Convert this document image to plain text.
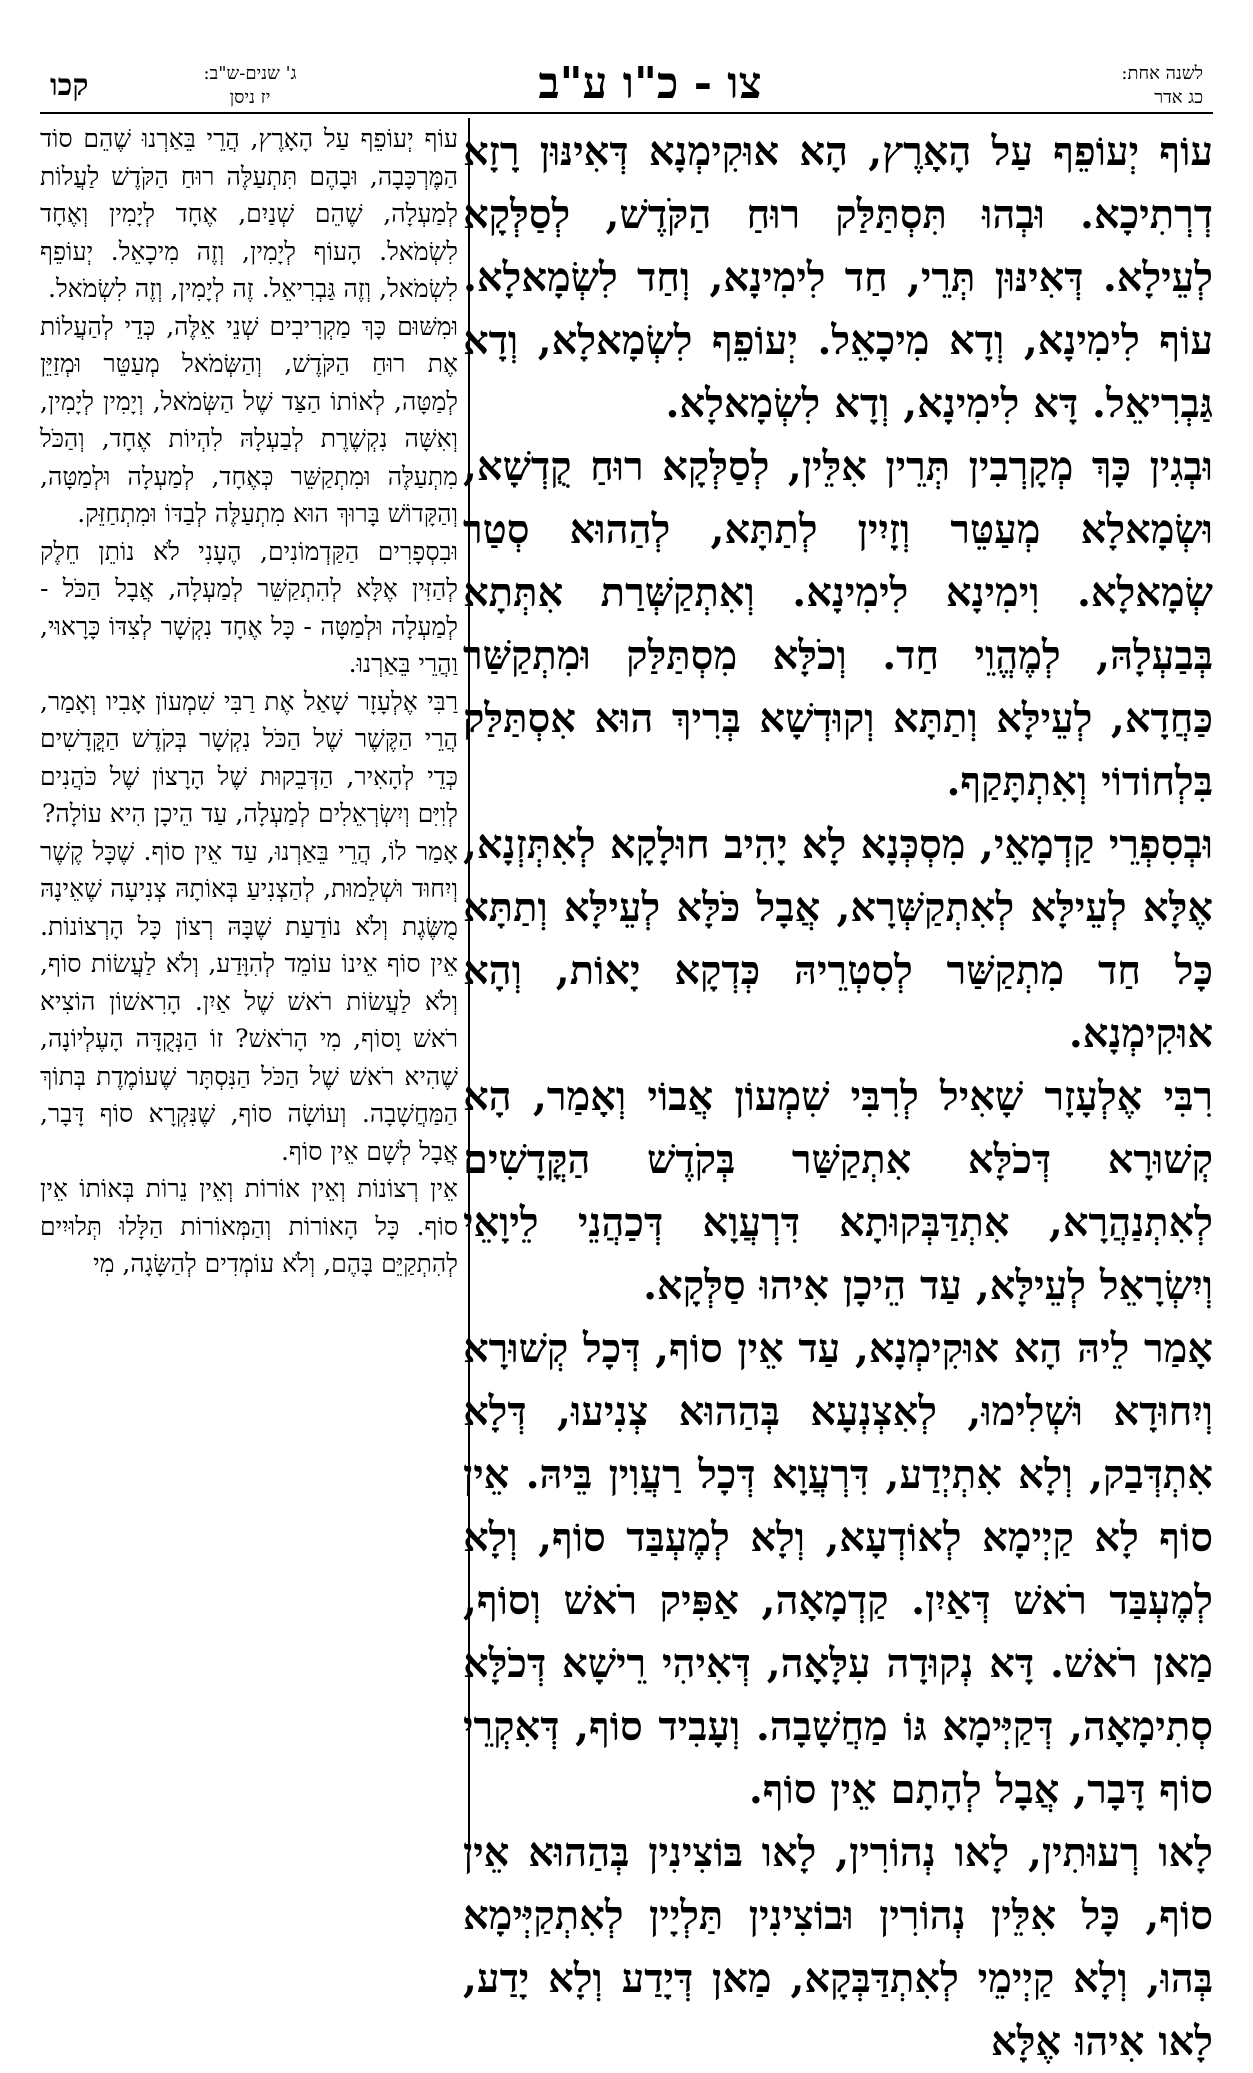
קכו	ג' שנים-ש"ב:
יז ניסן	צו - כ"ו ע"ב	לשנה אחת:
כג אדר

עוֹף יְעוֹפֵף עַל הָאָרֶץ, הָא אוּקִימְנָא דְּאִינּוּן רָזָא דְרְתִיכָא. וּבְהוּ תִּסְתַּלַּק רוּחַ הַקֹּדֶשׁ, לְסַלְּקָא לְעֵילָא. דְּאִינּוּן תְּרֵי, חַד לִימִינָא, וְחַד לִשְׂמָאלָא. עוֹף לִימִינָא, וְדָא מִיכָאֵל. יְעוֹפֵף לִשְׂמָאלָא, וְדָא גַּבְרִיאֵל. דָּא לִימִינָא, וְדָא לִשְׂמָאלָא.

וּבְגִין כָּךְ מְקָרְבִין תְּרֵין אִלֵּין, לְסַלְּקָא רוּחַ קֻדְשָׁא, וּשְׂמָאלָא מְעַטֵּר וְזָיִין לְתַתָּא, לְהַהוּא סְטַר שְׂמָאלָא. וִימִינָא לִימִינָא. וְאִתְקַשְּׁרַת אִתְּתָא בְּבַעְלָהּ, לְמֶהֱוֵי חַד. וְכֹלָּא מִסְתַּלַּק וּמִתְקַשַּׁר כַּחֲדָא, לְעֵילָּא וְתַתָּא וְקוּדְשָׁא בְּרִיךְ הוּא אִסְתַּלַּק בִּלְחוֹדוֹי וְאִתְתָּקַף.

וּבְסִפְרֵי קַדְמָאֵי, מִסְכְּנָא לָא יָהִיב חוּלָקָא לְאִתְּזְנָא, אֶלָּא לְעֵילָּא לְאִתְקַשְּׁרָא, אֲבָל כֹּלָּא לְעֵילָּא וְתַתָּא כָּל חַד מִתְקַשַּׁר לְסִטְרֵיהּ כְּדְקָא יָאוֹת, וְהָא אוּקִימְנָא.

רִבִּי אֶלְעָזָר שָׁאִיל לְרִבִּי שִׁמְעוֹן אֲבוֹי וְאָמַר, הָא קְשׁוּרָא דְּכֹלָּא אִתְקַשַּׁר בְּקֹדֶשׁ הַקֳּדָשִׁים לְאִתְנַהֲרָא, אִתְדַּבְּקוּתָא דִּרְעֲוָא דְּכַהֲנֵי לֵיוָאֵי וְיִשְׂרָאֵל לְעֵילָּא, עַד הֵיכָן אִיהוּ סַלְּקָא.

אָמַר לֵיהּ הָא אוּקִימְנָא, עַד אֵין סוֹף, דְּכָל קְשׁוּרָא וְיִחוּדָא וּשְׁלִימוּ, לְאִצְנְעָא בְּהַהוּא צְנִיעוּ, דְּלָא אִתְדְּבַק, וְלָא אִתְיְדַע, דִּרְעֲוָא דְּכָל רַעֲוִין בֵּיהּ. אֵין סוֹף לָא קַיְימָא לְאוֹדְעָא, וְלָא לְמֶעְבַּד סוֹף, וְלָא לְמֶעְבַּד רֹאשׁ דְּאַיִן. קַדְמָאָה, אַפִּיק רֹאשׁ וְסוֹף, מַאן רֹאשׁ. דָּא נְקוּדָה עִלָּאָה, דְּאִיהִי רֵישָׁא דְּכֹלָּא סְתִימָאָה, דְּקַיְּימָא גּוֹ מַחֲשָׁבָה. וְעָבִיד סוֹף, דְּאִקְרֵי סוֹף דָּבָר, אֲבָל לְהָתָם אֵין סוֹף.

לָאו רְעוּתִין, לָאו נְהוֹרִין, לָאו בּוֹצִינִין בְּהַהוּא אֵין סוֹף, כָּל אִלֵּין נְהוֹרִין וּבוֹצִינִין תַּלְיָין לְאִתְקַיְּימָא בְּהוּ, וְלָא קַיְימֵי לְאִתְדַּבְּקָא, מַאן דְּיָדַע וְלָא יָדַע, לָאו אִיהוּ אֶלָּא

עוֹף יְעוֹפֵף עַל הָאָרֶץ, הֲרֵי בֵּאַרְנוּ שֶׁהֵם סוֹד הַמֶּרְכָּבָה, וּבָהֶם תִּתְעַלֶּה רוּחַ הַקֹּדֶשׁ לַעֲלוֹת לְמַעְלָה, שֶׁהֵם שְׁנַיִם, אֶחָד לְיָמִין וְאֶחָד לִשְׂמֹאל. הָעוֹף לְיָמִין, וְזֶה מִיכָאֵל. יְעוֹפֵף לִשְׂמֹאל, וְזֶה גַּבְרִיאֵל. זֶה לְיָמִין, וְזֶה לִשְׂמֹאל.

וּמִשּׁוּם כָּךְ מַקְרִיבִים שְׁנֵי אֵלֶּה, כְּדֵי לְהַעֲלוֹת אֶת רוּחַ הַקֹּדֶשׁ, וְהַשְּׂמֹאל מְעַטֵּר וּמְזַיֵּן לְמַטָּה, לְאוֹתוֹ הַצַּד שֶׁל הַשְּׂמֹאל, וְיָמִין לְיָמִין, וְאִשָּׁה נִקְשֶׁרֶת לְבַעְלָהּ לִהְיוֹת אֶחָד, וְהַכֹּל מִתְעַלֶּה וּמִתְקַשֵּׁר כְּאֶחָד, לְמַעְלָה וּלְמַטָּה, וְהַקָּדוֹשׁ בָּרוּךְ הוּא מִתְעַלֶּה לְבַדּוֹ וּמִתְחַזֵּק.

וּבִסְפָרִים הַקַּדְמוֹנִים, הֶעָנִי לֹא נוֹתֵן חֵלֶק לְהַזִּין אֶלָּא לְהִתְקַשֵּׁר לְמַעְלָה, אֲבָל הַכֹּל - לְמַעְלָה וּלְמַטָּה - כָּל אֶחָד נִקְשָׁר לְצִדּוֹ כָּרָאוּי, וַהֲרֵי בֵּאַרְנוּ.

רַבִּי אֶלְעָזָר שָׁאַל אֶת רַבִּי שִׁמְעוֹן אָבִיו וְאָמַר, הֲרֵי הַקֶּשֶׁר שֶׁל הַכֹּל נִקְשָׁר בְּקֹדֶשׁ הַקֳּדָשִׁים כְּדֵי לְהָאִיר, הַדְּבֵקוּת שֶׁל הָרָצוֹן שֶׁל כֹּהֲנִים לְוִיִּם וְיִשְׂרְאֵלִים לְמַעְלָה, עַד הֵיכָן הִיא עוֹלָה?

אָמַר לוֹ, הֲרֵי בֵּאַרְנוּ, עַד אֵין סוֹף. שֶׁכָּל קֶשֶׁר וְיִחוּד וּשְׁלֵמוּת, לְהַצְנִיעַ בְּאוֹתָהּ צְנִיעָה שֶׁאֵינָהּ מֻשֶּׂגֶת וְלֹא נוֹדַעַת שֶׁבָּהּ רְצוֹן כָּל הָרְצוֹנוֹת. אֵין סוֹף אֵינוֹ עוֹמֵד לְהִוָּדַע, וְלֹא לַעֲשׂוֹת סוֹף, וְלֹא לַעֲשׂוֹת רֹאשׁ שֶׁל אַיִן. הָרִאשׁוֹן הוֹצִיא רֹאשׁ וָסוֹף, מִי הָרֹאשׁ? זוֹ הַנְּקֻדָּה הָעֶלְיוֹנָה, שֶׁהִיא רֹאשׁ שֶׁל הַכֹּל הַנִּסְתָּר שֶׁעוֹמֶדֶת בְּתוֹךְ הַמַּחֲשָׁבָה. וְעוֹשָׂה סוֹף, שֶׁנִּקְרָא סוֹף דָּבָר, אֲבָל לְשָׁם אֵין סוֹף.

אֵין רְצוֹנוֹת וְאֵין אוֹרוֹת וְאֵין נֵרוֹת בְּאוֹתוֹ אֵין סוֹף. כָּל הָאוֹרוֹת וְהַמְּאוֹרוֹת הַלָּלוּ תְּלוּיִים לְהִתְקַיֵּם בָּהֶם, וְלֹא עוֹמְדִים לְהַשָּׂגָה, מִי
